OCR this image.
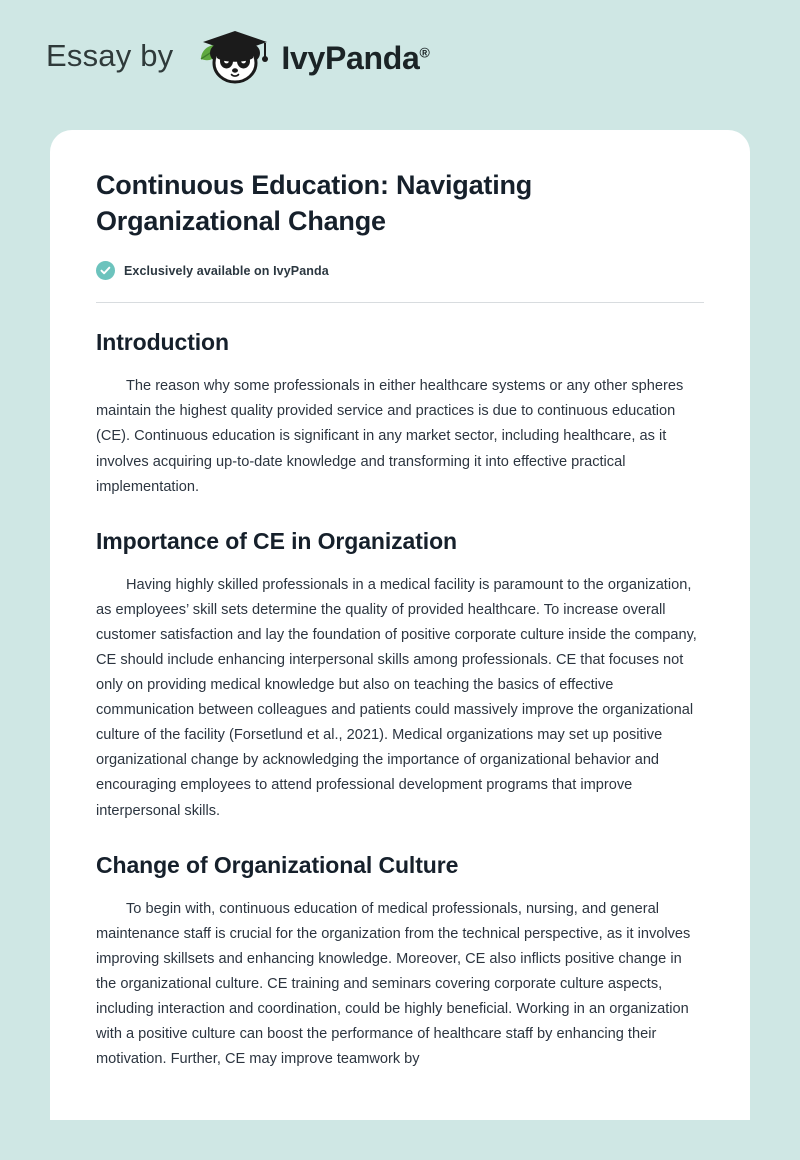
Essay by	IvyPanda®
Continuous Education: Navigating Organizational Change
Exclusively available on IvyPanda
Introduction

The reason why some professionals in either healthcare systems or any other spheres maintain the highest quality provided service and practices is due to continuous education (CE). Continuous education is significant in any market sector, including healthcare, as it involves acquiring up-to-date knowledge and transforming it into effective practical implementation.

Importance of CE in Organization

Having highly skilled professionals in a medical facility is paramount to the organization, as employees’ skill sets determine the quality of provided healthcare. To increase overall customer satisfaction and lay the foundation of positive corporate culture inside the company, CE should include enhancing interpersonal skills among professionals. CE that focuses not only on providing medical knowledge but also on teaching the basics of effective communication between colleagues and patients could massively improve the organizational culture of the facility (Forsetlund et al., 2021). Medical organizations may set up positive organizational change by acknowledging the importance of organizational behavior and encouraging employees to attend professional development programs that improve interpersonal skills.

Change of Organizational Culture

To begin with, continuous education of medical professionals, nursing, and general maintenance staff is crucial for the organization from the technical perspective, as it involves improving skillsets and enhancing knowledge. Moreover, CE also inflicts positive change in the organizational culture. CE training and seminars covering corporate culture aspects, including interaction and coordination, could be highly beneficial. Working in an organization with a positive culture can boost the performance of healthcare staff by enhancing their motivation. Further, CE may improve teamwork by
